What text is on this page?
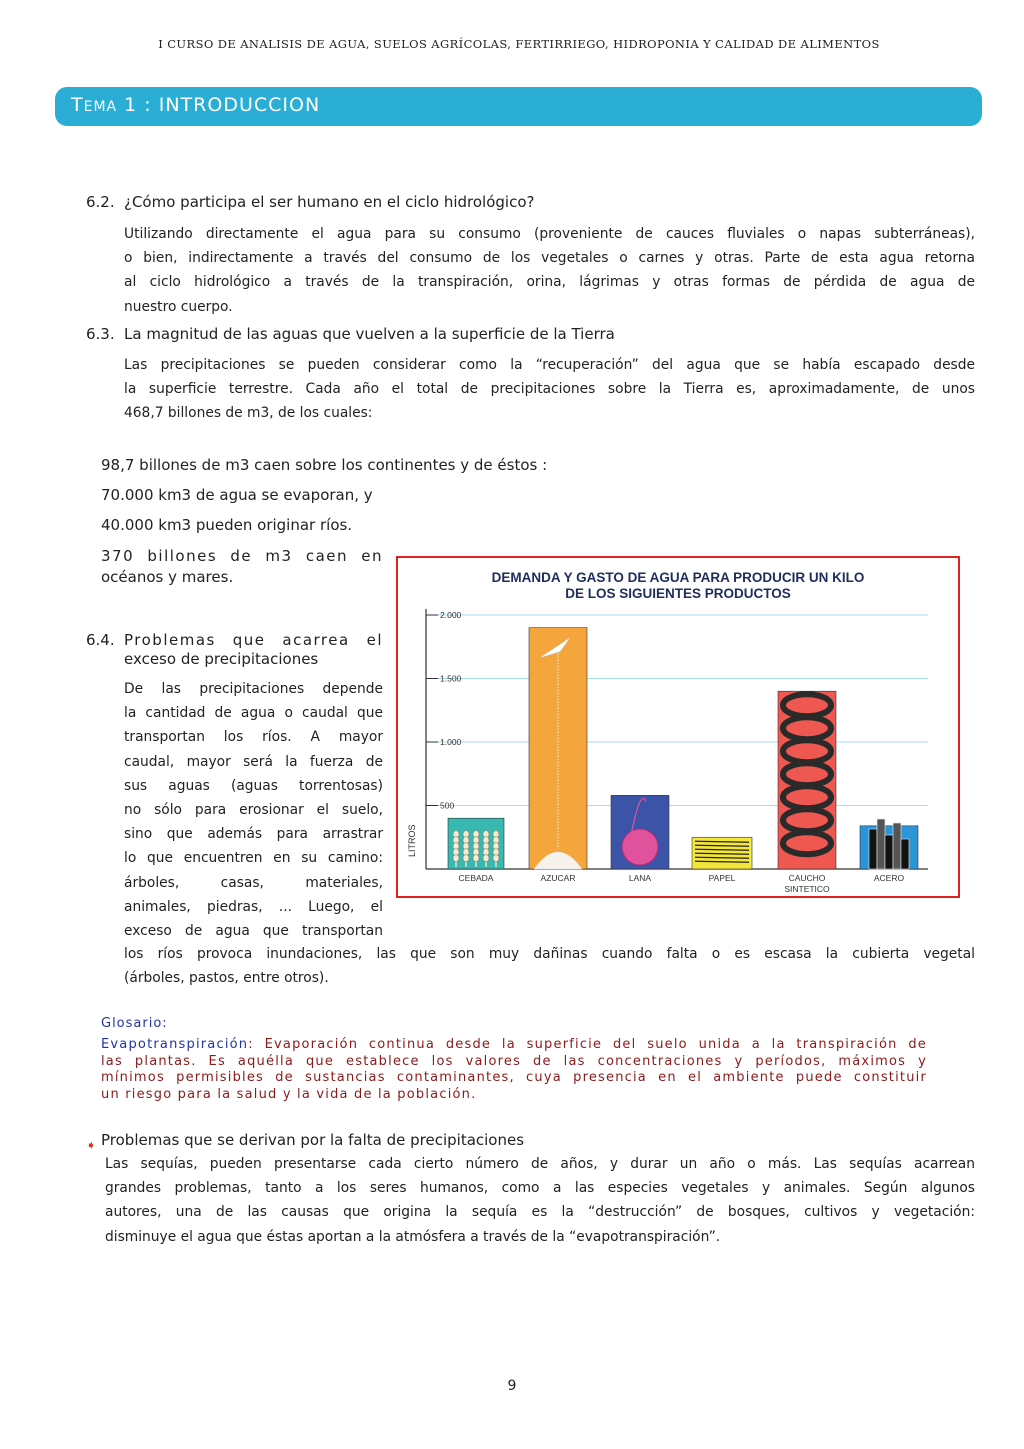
I CURSO DE ANALISIS DE AGUA, SUELOS AGRÍCOLAS, FERTIRRIEGO, HIDROPONIA Y CALIDAD DE ALIMENTOS
TEMA 1 : INTRODUCCION
6.2. ¿Cómo participa el ser humano en el ciclo hidrológico?
Utilizando directamente el agua para su consumo (proveniente de cauces fluviales o napas subterráneas),
o bien, indirectamente a través del consumo de los vegetales o carnes y otras. Parte de esta agua retorna
al ciclo hidrológico a través de la transpiración, orina, lágrimas y otras formas de pérdida de agua de
nuestro cuerpo.
6.3. La magnitud de las aguas que vuelven a la superficie de la Tierra
Las precipitaciones se pueden considerar como la “recuperación” del agua que se había escapado desde
la superficie terrestre. Cada año el total de precipitaciones sobre la Tierra es, aproximadamente, de unos
468,7 billones de m3, de los cuales:
98,7 billones de m3 caen sobre los continentes y de éstos :
70.000 km3 de agua se evaporan, y
40.000 km3 pueden originar ríos.
370 billones de m3 caen en
océanos y mares.
6.4. Problemas que acarrea el
exceso de precipitaciones
De las precipitaciones depende
la cantidad de agua o caudal que
transportan los ríos. A mayor
caudal, mayor será la fuerza de
sus aguas (aguas torrentosas)
no sólo para erosionar el suelo,
sino que además para arrastrar
lo que encuentren en su camino:
árboles, casas, materiales,
animales, piedras, ... Luego, el
exceso de agua que transportan
los ríos provoca inundaciones, las que son muy dañinas cuando falta o es escasa la cubierta vegetal
(árboles, pastos, entre otros).
DEMANDA Y GASTO DE AGUA PARA PRODUCIR UN KILO
DE LOS SIGUIENTES PRODUCTOS
500
1.000
1.500
2.000
LITROS
CEBADA	AZUCAR	LANA	PAPEL	CAUCHO
SINTETICO
ACERO
Glosario:
Evapotranspiración: Evaporación continua desde la superficie del suelo unida a la transpiración de
las plantas. Es aquélla que establece los valores de las concentraciones y períodos, máximos y
mínimos permisibles de sustancias contaminantes, cuya presencia en el ambiente puede constituir
un riesgo para la salud y la vida de la población.
➧ Problemas que se derivan por la falta de precipitaciones
Las sequías, pueden presentarse cada cierto número de años, y durar un año o más. Las sequías acarrean
grandes problemas, tanto a los seres humanos, como a las especies vegetales y animales. Según algunos
autores, una de las causas que origina la sequía es la “destrucción” de bosques, cultivos y vegetación:
disminuye el agua que éstas aportan a la atmósfera a través de la “evapotranspiración”.
9
